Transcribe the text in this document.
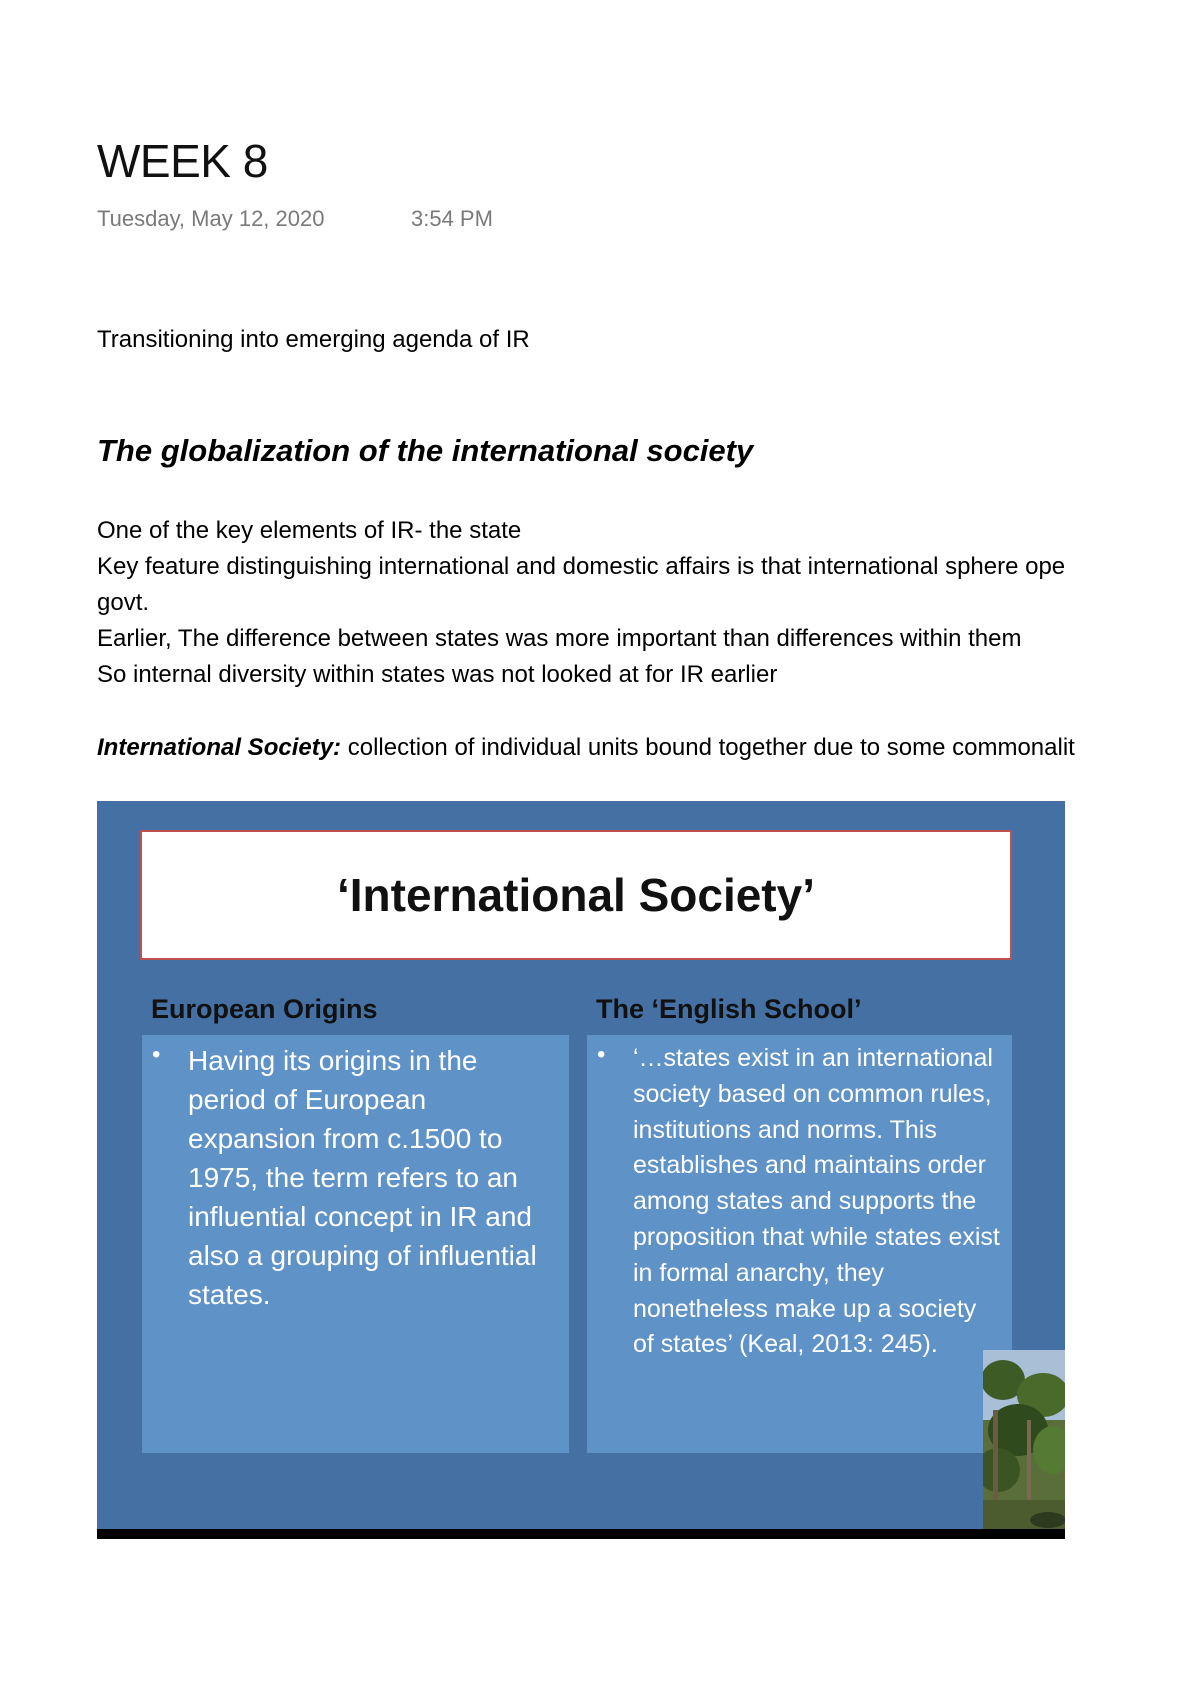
WEEK 8
Tuesday, May 12, 2020	3:54 PM
Transitioning into emerging agenda of IR
The globalization of the international society
One of the key elements of IR- the state
Key feature distinguishing international and domestic affairs is that international sphere ope
govt.
Earlier, The difference between states was more important than differences within them
So internal diversity within states was not looked at for IR earlier
International Society: collection of individual units bound together due to some commonalit
‘International Society’
European Origins	The ‘English School’
• Having its origins in the period of European expansion from c.1500 to 1975, the term refers to an influential concept in IR and also a grouping of influential states.
•	‘…states exist in an international society based on common rules, institutions and norms. This establishes and maintains order among states and supports the proposition that while states exist in formal anarchy, they nonetheless make up a society of states’ (Keal, 2013: 245).
